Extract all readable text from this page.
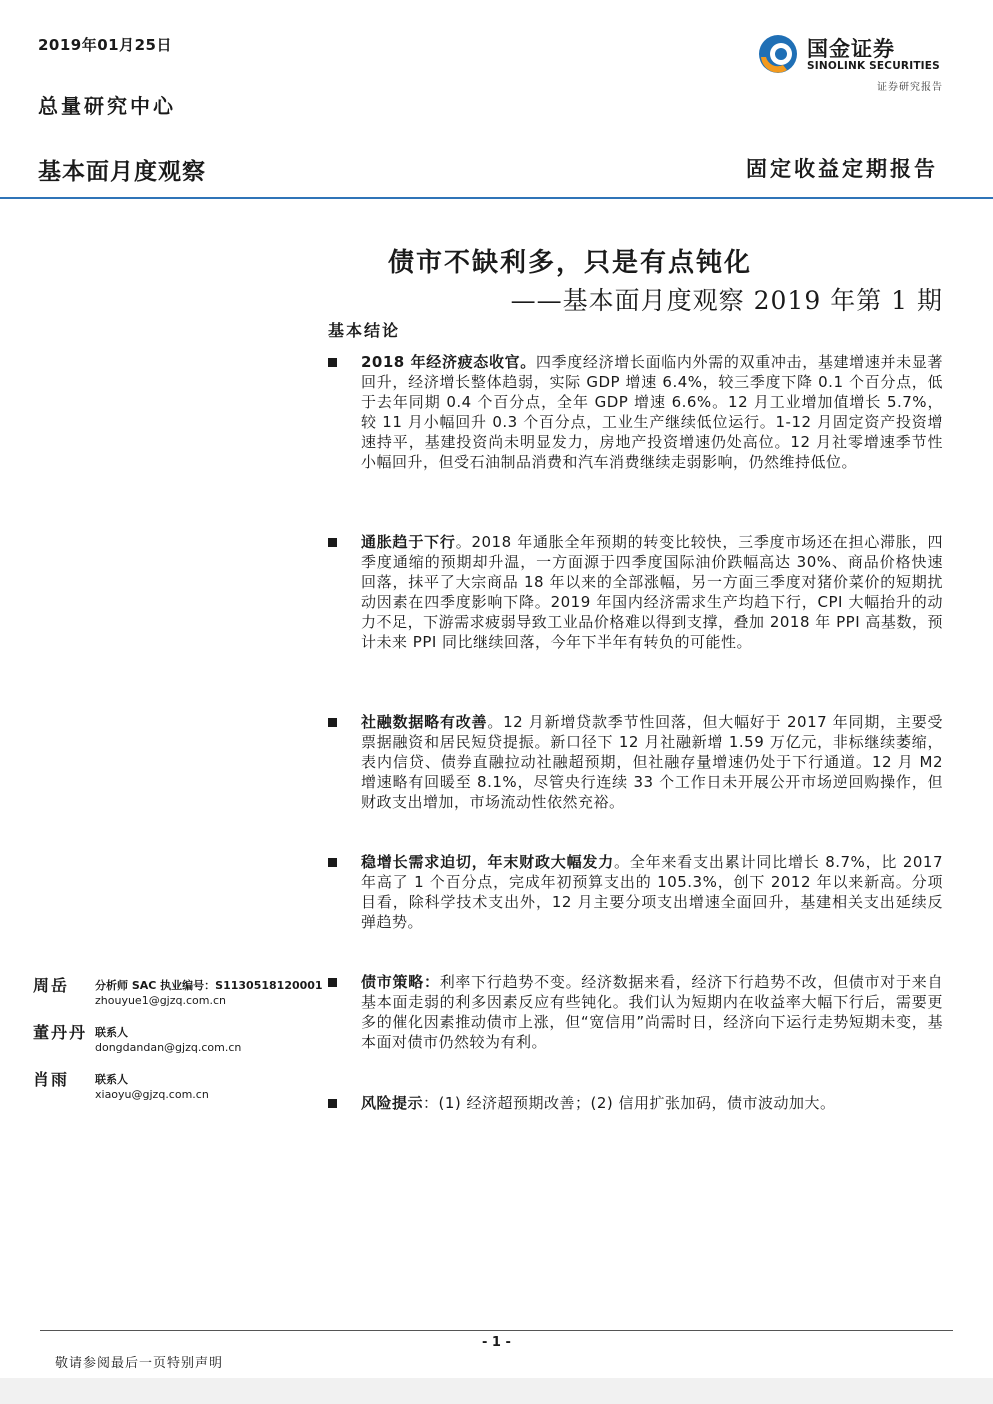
2019年01月25日
总量研究中心
基本面月度观察	固定收益定期报告
国金证券
SINOLINK SECURITIES
证券研究报告
债市不缺利多，只是有点钝化
——基本面月度观察 2019 年第 1 期
基本结论
2018 年经济疲态收官。四季度经济增长面临内外需的双重冲击，基建增速并未显著回升，经济增长整体趋弱，实际 GDP 增速 6.4%，较三季度下降 0.1 个百分点，低于去年同期 0.4 个百分点，全年 GDP 增速 6.6%。12 月工业增加值增长 5.7%，较 11 月小幅回升 0.3 个百分点，工业生产继续低位运行。1-12 月固定资产投资增速持平，基建投资尚未明显发力，房地产投资增速仍处高位。12 月社零增速季节性小幅回升，但受石油制品消费和汽车消费继续走弱影响，仍然维持低位。
通胀趋于下行。2018 年通胀全年预期的转变比较快，三季度市场还在担心滞胀，四季度通缩的预期却升温，一方面源于四季度国际油价跌幅高达 30%、商品价格快速回落，抹平了大宗商品 18 年以来的全部涨幅，另一方面三季度对猪价菜价的短期扰动因素在四季度影响下降。2019 年国内经济需求生产均趋下行，CPI 大幅抬升的动力不足，下游需求疲弱导致工业品价格难以得到支撑，叠加 2018 年 PPI 高基数，预计未来 PPI 同比继续回落，今年下半年有转负的可能性。
社融数据略有改善。12 月新增贷款季节性回落，但大幅好于 2017 年同期，主要受票据融资和居民短贷提振。新口径下 12 月社融新增 1.59 万亿元，非标继续萎缩，表内信贷、债券直融拉动社融超预期，但社融存量增速仍处于下行通道。12 月 M2 增速略有回暖至 8.1%，尽管央行连续 33 个工作日未开展公开市场逆回购操作，但财政支出增加，市场流动性依然充裕。
稳增长需求迫切，年末财政大幅发力。全年来看支出累计同比增长 8.7%，比 2017 年高了 1 个百分点，完成年初预算支出的 105.3%，创下 2012 年以来新高。分项目看，除科学技术支出外，12 月主要分项支出增速全面回升，基建相关支出延续反弹趋势。
债市策略：利率下行趋势不变。经济数据来看，经济下行趋势不改，但债市对于来自基本面走弱的利多因素反应有些钝化。我们认为短期内在收益率大幅下行后，需要更多的催化因素推动债市上涨，但“宽信用”尚需时日，经济向下运行走势短期未变，基本面对债市仍然较为有利。
风险提示：(1) 经济超预期改善；(2) 信用扩张加码，债市波动加大。
周岳 分析师 SAC 执业编号：S1130518120001
zhouyue1@gjzq.com.cn
董丹丹 联系人
dongdandan@gjzq.com.cn
肖雨 联系人
xiaoyu@gjzq.com.cn
- 1 -
敬请参阅最后一页特别声明
